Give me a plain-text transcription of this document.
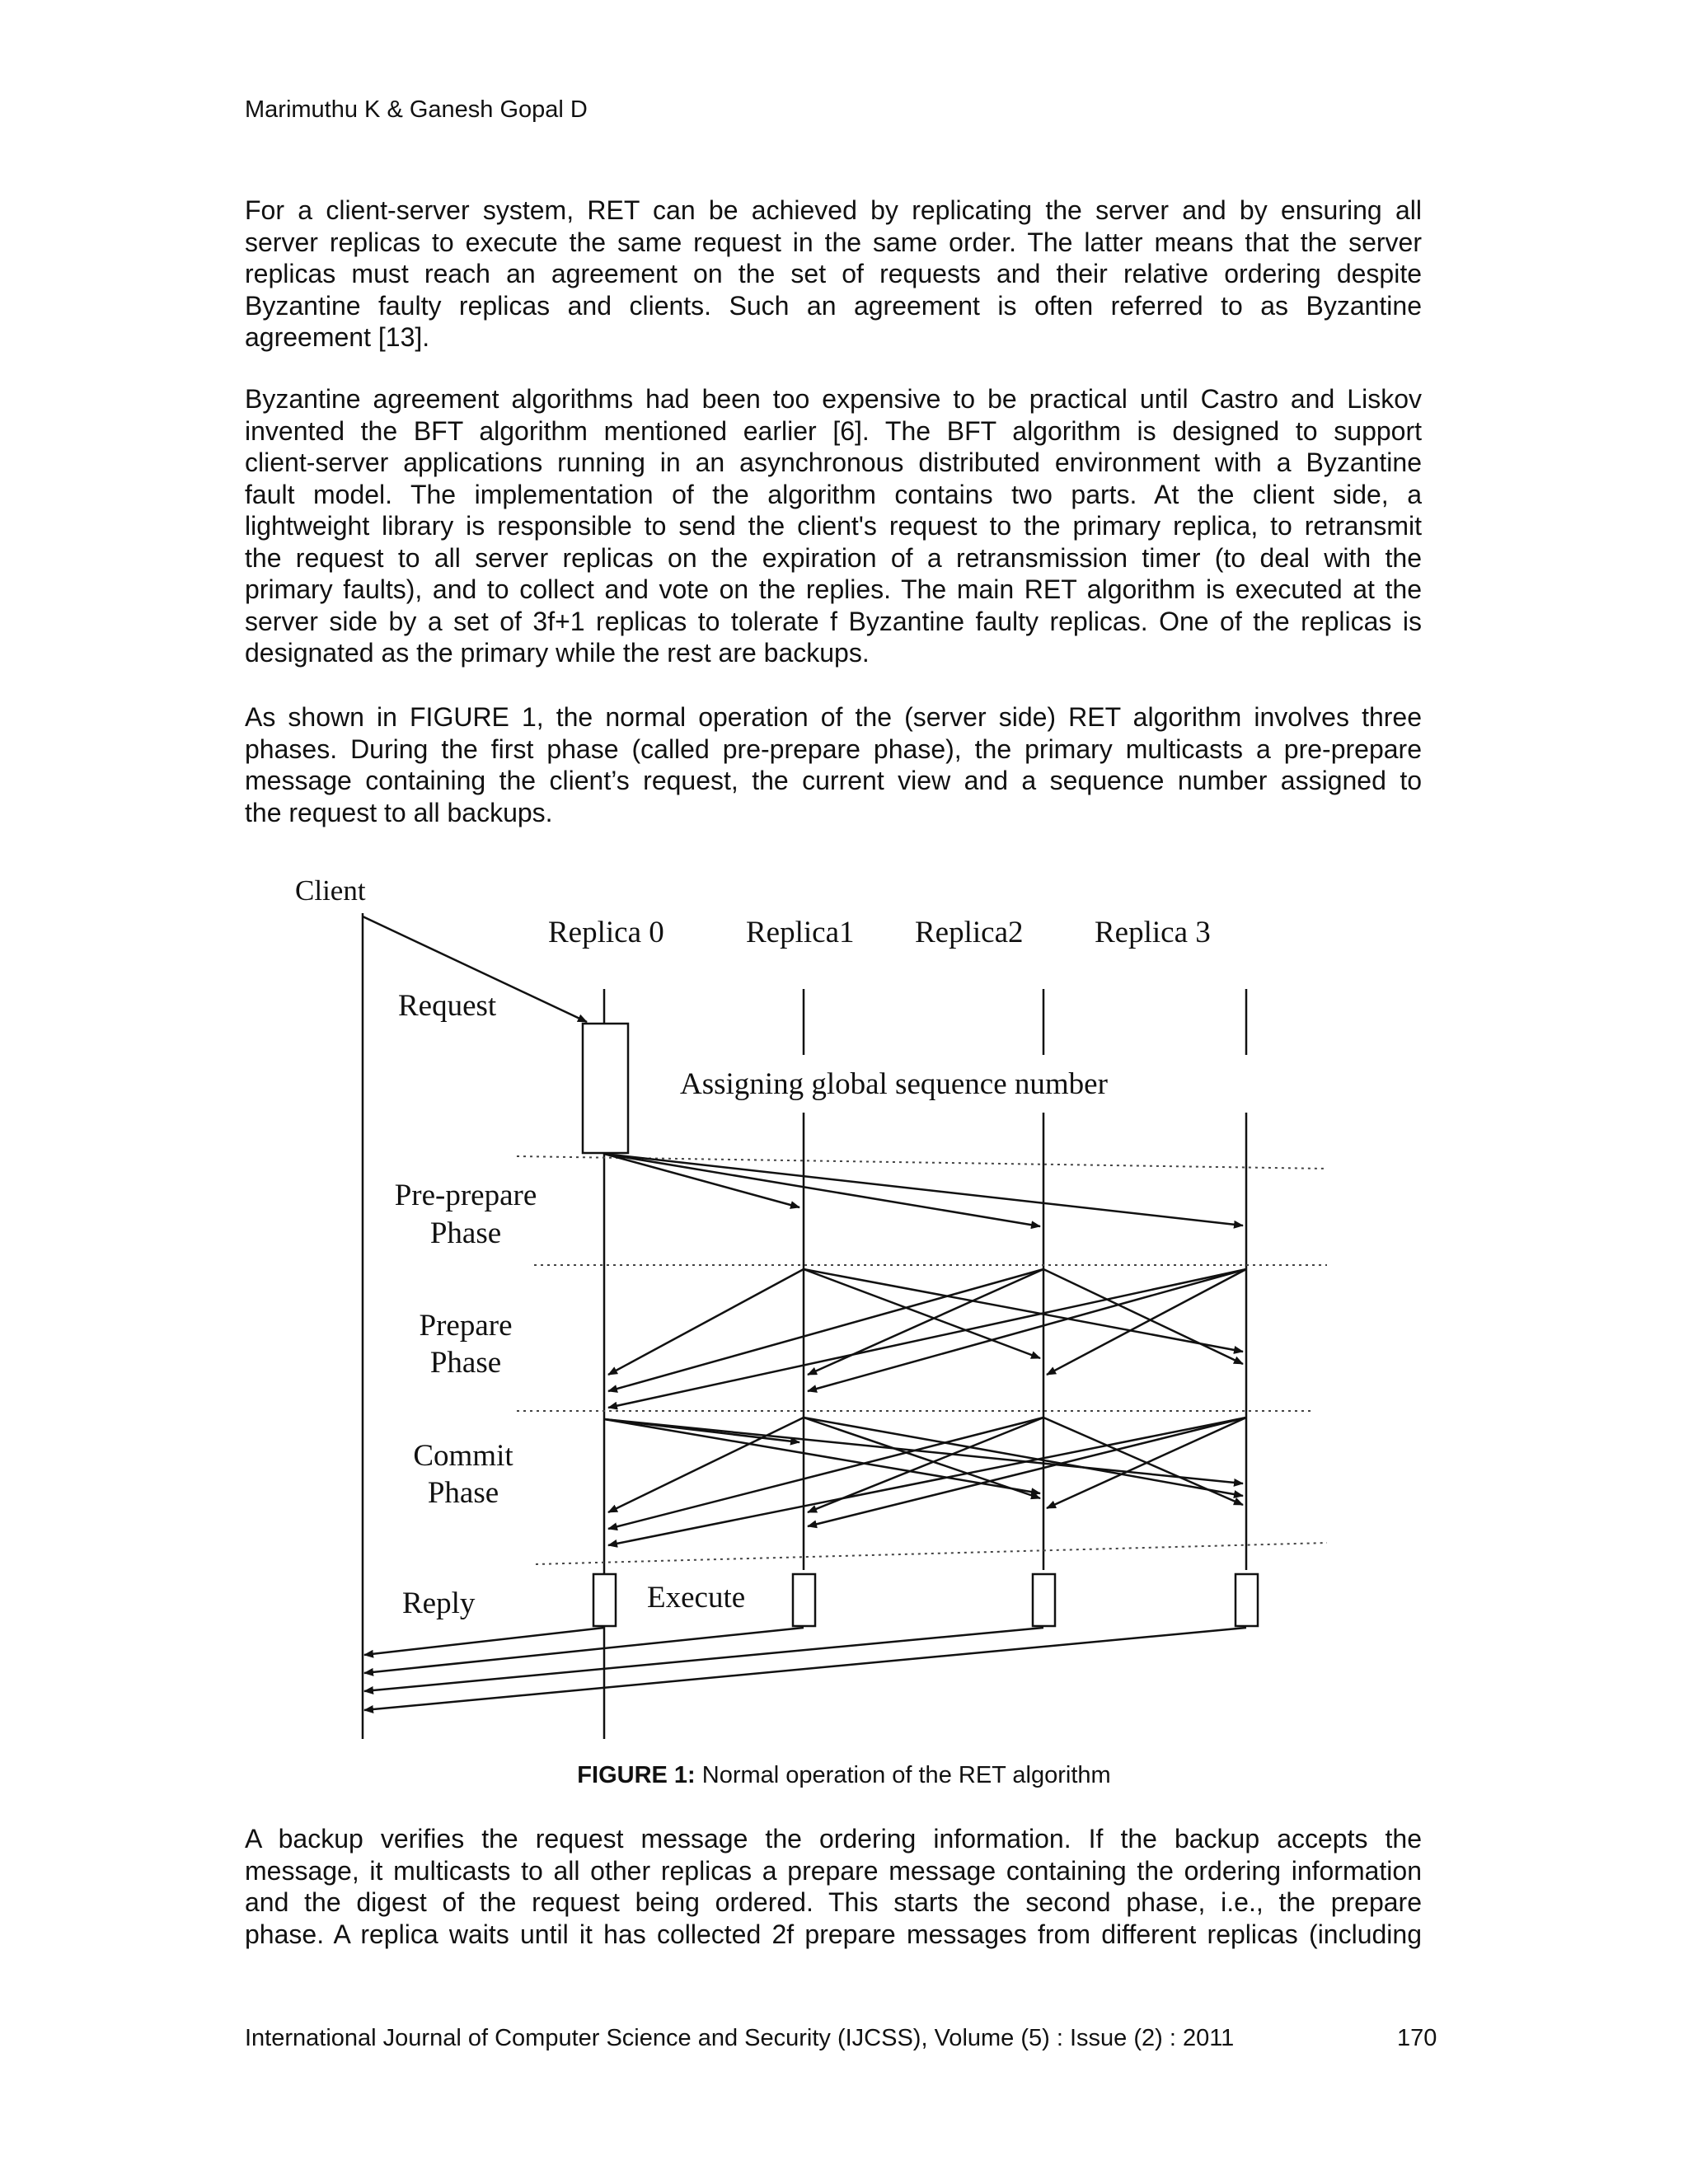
Marimuthu K & Ganesh Gopal D
For a client-server system, RET can be achieved by replicating the server and by ensuring all
server replicas to execute the same request in the same order. The latter means that the server
replicas must reach an agreement on the set of requests and their relative ordering despite
Byzantine faulty replicas and clients. Such an agreement is often referred to as Byzantine
agreement [13].
Byzantine agreement algorithms had been too expensive to be practical until Castro and Liskov
invented the BFT algorithm mentioned earlier [6]. The BFT algorithm is designed to support
client-server applications running in an asynchronous distributed environment with a Byzantine
fault model. The implementation of the algorithm contains two parts. At the client side, a
lightweight library is responsible to send the client's request to the primary replica, to retransmit
the request to all server replicas on the expiration of a retransmission timer (to deal with the
primary faults), and to collect and vote on the replies. The main RET algorithm is executed at the
server side by a set of 3f+1 replicas to tolerate f Byzantine faulty replicas. One of the replicas is
designated as the primary while the rest are backups.
As shown in FIGURE 1, the normal operation of the (server side) RET algorithm involves three
phases. During the first phase (called pre-prepare phase), the primary multicasts a pre-prepare
message containing the client’s request, the current view and a sequence number assigned to
the request to all backups.
Client
Replica 0	Replica1 Replica2 Replica 3
Request
Assigning global sequence number
Pre-prepare
Phase
Prepare
Phase
Commit
Phase
Reply	Execute
FIGURE 1: Normal operation of the RET algorithm
A backup verifies the request message the ordering information. If the backup accepts the
message, it multicasts to all other replicas a prepare message containing the ordering information
and the digest of the request being ordered. This starts the second phase, i.e., the prepare
phase. A replica waits until it has collected 2f prepare messages from different replicas (including
International Journal of Computer Science and Security (IJCSS), Volume (5) : Issue (2) : 2011	170
